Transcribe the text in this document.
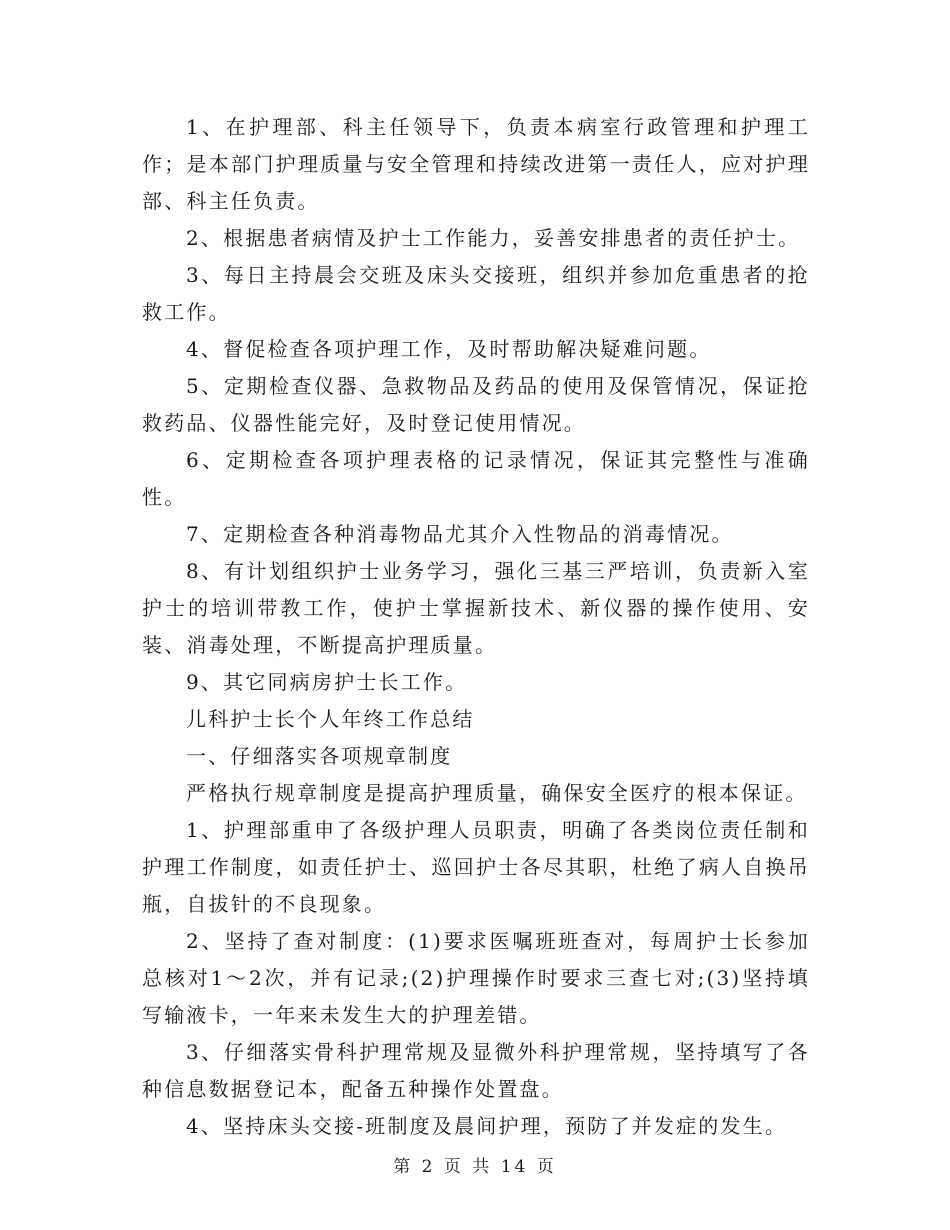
1、在护理部、科主任领导下，负责本病室行政管理和护理工作；是本部门护理质量与安全管理和持续改进第一责任人，应对护理部、科主任负责。

2、根据患者病情及护士工作能力，妥善安排患者的责任护士。

3、每日主持晨会交班及床头交接班，组织并参加危重患者的抢救工作。

4、督促检查各项护理工作，及时帮助解决疑难问题。

5、定期检查仪器、急救物品及药品的使用及保管情况，保证抢救药品、仪器性能完好，及时登记使用情况。

6、定期检查各项护理表格的记录情况，保证其完整性与准确性。

7、定期检查各种消毒物品尤其介入性物品的消毒情况。

8、有计划组织护士业务学习，强化三基三严培训，负责新入室护士的培训带教工作，使护士掌握新技术、新仪器的操作使用、安装、消毒处理，不断提高护理质量。

9、其它同病房护士长工作。

儿科护士长个人年终工作总结

一、仔细落实各项规章制度

严格执行规章制度是提高护理质量，确保安全医疗的根本保证。

1、护理部重申了各级护理人员职责，明确了各类岗位责任制和护理工作制度，如责任护士、巡回护士各尽其职，杜绝了病人自换吊瓶，自拔针的不良现象。

2、坚持了查对制度：(1)要求医嘱班班查对，每周护士长参加总核对1～2次，并有记录;(2)护理操作时要求三查七对;(3)坚持填写输液卡，一年来未发生大的护理差错。

3、仔细落实骨科护理常规及显微外科护理常规，坚持填写了各种信息数据登记本，配备五种操作处置盘。

4、坚持床头交接-班制度及晨间护理，预防了并发症的发生。

第 2 页 共 14 页
